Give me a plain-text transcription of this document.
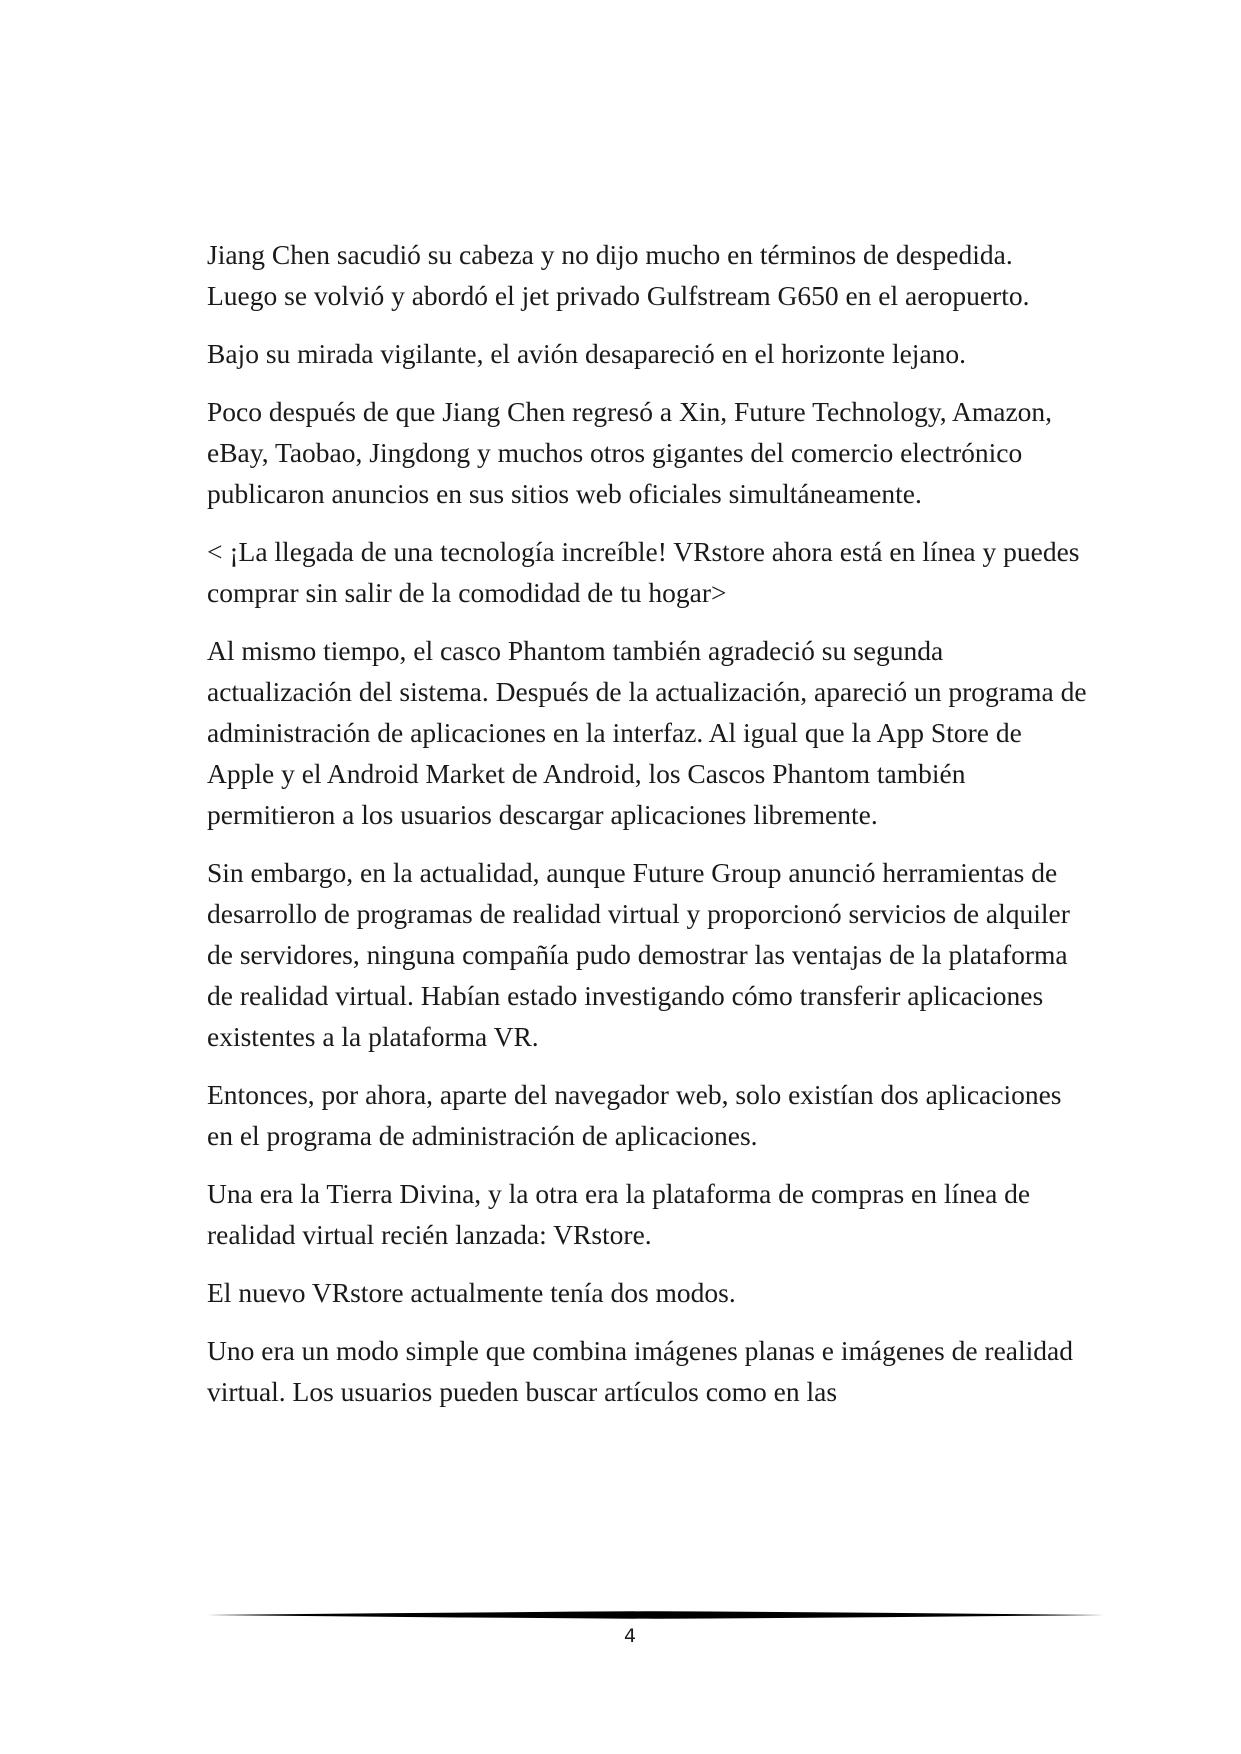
Jiang Chen sacudió su cabeza y no dijo mucho en términos de despedida. Luego se volvió y abordó el jet privado Gulfstream G650 en el aeropuerto.

Bajo su mirada vigilante, el avión desapareció en el horizonte lejano.

Poco después de que Jiang Chen regresó a Xin, Future Technology, Amazon, eBay, Taobao, Jingdong y muchos otros gigantes del comercio electrónico publicaron anuncios en sus sitios web oficiales simultáneamente.

< ¡La llegada de una tecnología increíble! VRstore ahora está en línea y puedes comprar sin salir de la comodidad de tu hogar>

Al mismo tiempo, el casco Phantom también agradeció su segunda actualización del sistema. Después de la actualización, apareció un programa de administración de aplicaciones en la interfaz. Al igual que la App Store de Apple y el Android Market de Android, los Cascos Phantom también permitieron a los usuarios descargar aplicaciones libremente.

Sin embargo, en la actualidad, aunque Future Group anunció herramientas de desarrollo de programas de realidad virtual y proporcionó servicios de alquiler de servidores, ninguna compañía pudo demostrar las ventajas de la plataforma de realidad virtual. Habían estado investigando cómo transferir aplicaciones existentes a la plataforma VR.

Entonces, por ahora, aparte del navegador web, solo existían dos aplicaciones en el programa de administración de aplicaciones.

Una era la Tierra Divina, y la otra era la plataforma de compras en línea de realidad virtual recién lanzada: VRstore.

El nuevo VRstore actualmente tenía dos modos.

Uno era un modo simple que combina imágenes planas e imágenes de realidad virtual. Los usuarios pueden buscar artículos como en las

4
